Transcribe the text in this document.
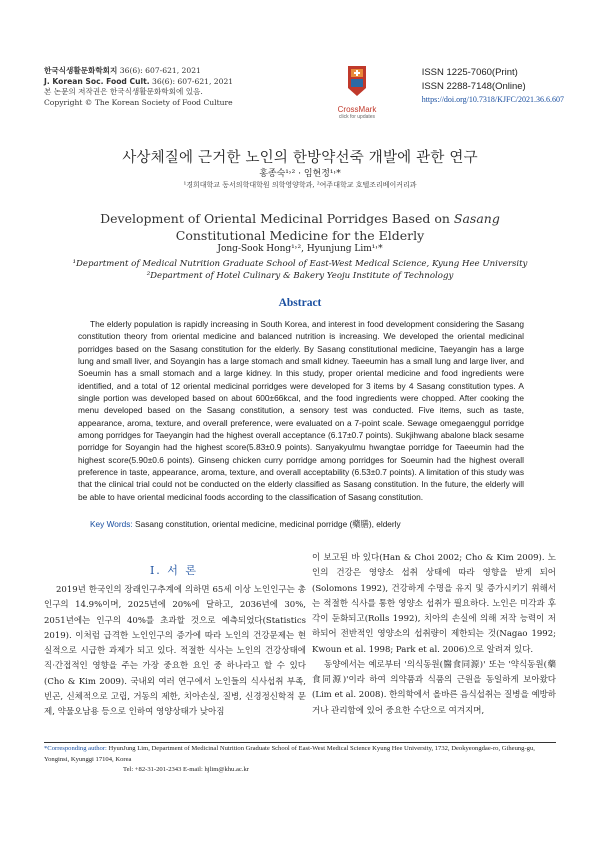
한국식생활문화학회지 36(6): 607-621, 2021
J. Korean Soc. Food Cult. 36(6): 607-621, 2021
본 논문의 저작권은 한국식생활문화학회에 있음.
Copyright © The Korean Society of Food Culture
CrossMark
click for updates
ISSN 1225-7060(Print)
ISSN 2288-7148(Online)
https://doi.org/10.7318/KJFC/2021.36.6.607
사상체질에 근거한 노인의 한방약선죽 개발에 관한 연구
홍종숙¹˒² · 임현정¹˒*
¹경희대학교 동서의학대학원 의학영양학과, ²여주대학교 호텔조리베이커리과
Development of Oriental Medicinal Porridges Based on Sasang
Constitutional Medicine for the Elderly
Jong-Sook Hong¹˒², Hyunjung Lim¹˒*
¹Department of Medical Nutrition Graduate School of East-West Medical Science, Kyung Hee University
²Department of Hotel Culinary & Bakery Yeoju Institute of Technology
Abstract

The elderly population is rapidly increasing in South Korea, and interest in food development considering the Sasang constitution theory from oriental medicine and balanced nutrition is increasing. We developed the oriental medicinal porridges based on the Sasang constitution for the elderly. By Sasang constitutional medicine, Taeyangin has a large lung and small liver, and Soyangin has a large stomach and small kidney. Taeeumin has a small lung and large liver, and Soeumin has a small stomach and a large kidney. In this study, proper oriental medicine and food ingredients were identified, and a total of 12 oriental medicinal porridges were developed for 3 items by 4 Sasang constitution types. A single portion was developed based on about 600±66kcal, and the food ingredients were chopped. After cooking the menu developed based on the Sasang constitution, a sensory test was conducted. Five items, such as taste, appearance, aroma, texture, and overall preference, were evaluated on a 7-point scale. Sewage omegaenggul porridge among porridges for Taeyangin had the highest overall acceptance (6.17±0.7 points). Sukjihwang abalone black sesame porridge for Soyangin had the highest score(5.83±0.9 points). Sanyakyulmu hwangtae porridge for Taeeumin had the highest score(5.90±0.6 points). Ginseng chicken curry porridge among porridges for Soeumin had the highest overall preference in taste, appearance, aroma, texture, and overall acceptability (6.53±0.7 points). A limitation of this study was that the clinical trial could not be conducted on the elderly classified as Sasang constitution. In the future, the elderly will be able to have oriental medicinal foods according to the classification of Sasang constitution.

Key Words: Sasang constitution, oriental medicine, medicinal porridge (藥膳), elderly
I. 서 론

2019년 한국인의 장래인구추계에 의하면 65세 이상 노인인구는 총 인구의 14.9%이며, 2025년에 20%에 달하고, 2036년에 30%, 2051년에는 인구의 40%를 초과할 것으로 예측되었다(Statistics 2019). 이처럼 급격한 노인인구의 증가에 따라 노인의 건강문제는 현실적으로 시급한 과제가 되고 있다. 적절한 식사는 노인의 건강상태에 직·간접적인 영향을 주는 가장 중요한 요인 중 하나라고 할 수 있다(Cho & Kim 2009). 국내외 여러 연구에서 노인들의 식사섭취 부족, 빈곤, 신체적으로 고립, 거동의 제한, 치아손실, 질병, 신경정신학적 문제, 약물오남용 등으로 인하여 영양상태가 낮아짐

이 보고된 바 있다(Han & Choi 2002; Cho & Kim 2009). 노인의 건강은 영양소 섭취 상태에 따라 영향을 받게 되어(Solomons 1992), 건강하게 수명을 유지 및 증가시키기 위해서는 적절한 식사를 통한 영양소 섭취가 필요하다. 노인은 미각과 후각이 둔화되고(Rolls 1992), 치아의 손실에 의해 저작 능력이 저하되어 전반적인 영양소의 섭취량이 제한되는 것(Nagao 1992; Kwoun et al. 1998; Park et al. 2006)으로 알려져 있다.

동양에서는 예로부터 '의식동원(醫食同源)' 또는 '약식동원(藥食同源)'이라 하여 의약품과 식품의 근원을 동일하게 보아왔다(Lim et al. 2008). 한의학에서 올바른 음식섭취는 질병을 예방하거나 관리함에 있어 중요한 수단으로 여겨지며,

*Corresponding author: HyunJung Lim, Department of Medicinal Nutrition Graduate School of East-West Medical Science Kyung Hee University, 1732, Deokyeongdae-ro, Giheung-gu, Yonginsi, Kyunggi 17104, Korea
Tel: +82-31-201-2343 E-mail: hjlim@khu.ac.kr
